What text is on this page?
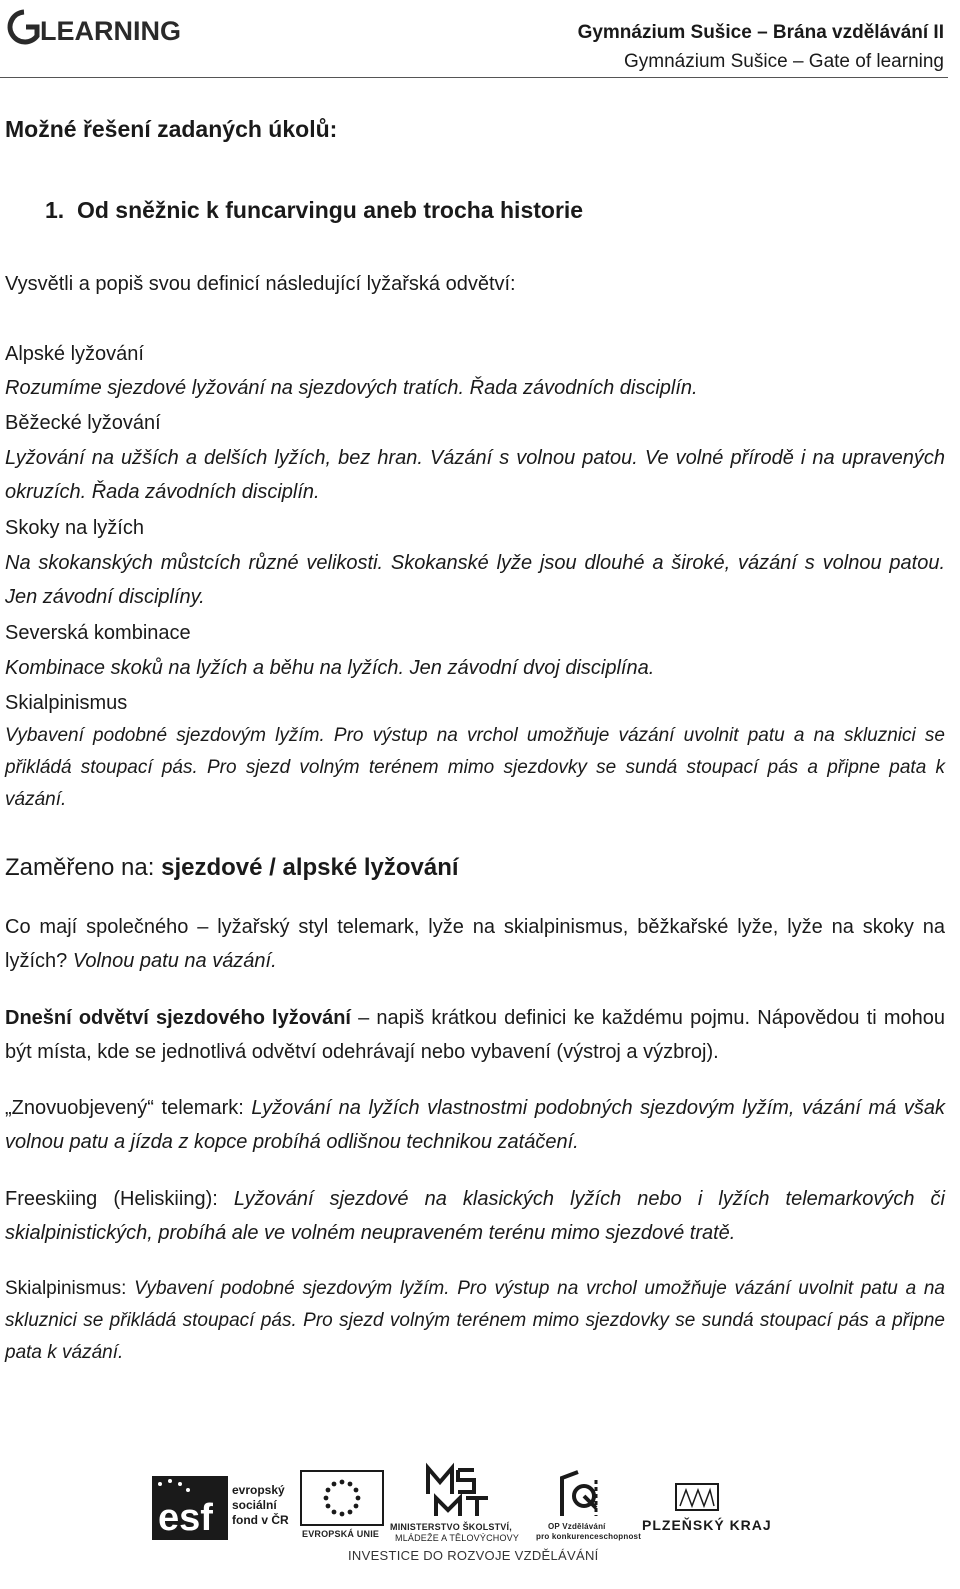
LEARNING	Gymnázium Sušice – Brána vzdělávání II
Gymnázium Sušice – Gate of learning
Možné řešení zadaných úkolů:
1. Od sněžnic k funcarvingu aneb trocha historie
Vysvětli a popiš svou definicí následující lyžařská odvětví:
Alpské lyžování
Rozumíme sjezdové lyžování na sjezdových tratích. Řada závodních disciplín.
Běžecké lyžování
Lyžování na užších a delších lyžích, bez hran. Vázání s volnou patou. Ve volné přírodě i na upravených okruzích. Řada závodních disciplín.
Skoky na lyžích
Na skokanských můstcích různé velikosti. Skokanské lyže jsou dlouhé a široké, vázání s volnou patou. Jen závodní disciplíny.
Severská kombinace
Kombinace skoků na lyžích a běhu na lyžích. Jen závodní dvoj disciplína.
Skialpinismus
Vybavení podobné sjezdovým lyžím. Pro výstup na vrchol umožňuje vázání uvolnit patu a na skluznici se přikládá stoupací pás. Pro sjezd volným terénem mimo sjezdovky se sundá stoupací pás a připne pata k vázání.
Zaměřeno na: sjezdové / alpské lyžování
Co mají společného – lyžařský styl telemark, lyže na skialpinismus, běžkařské lyže, lyže na skoky na lyžích? Volnou patu na vázání.
Dnešní odvětví sjezdového lyžování – napiš krátkou definici ke každému pojmu. Nápovědou ti mohou být místa, kde se jednotlivá odvětví odehrávají nebo vybavení (výstroj a výzbroj).
„Znovuobjevený“ telemark: Lyžování na lyžích vlastnostmi podobných sjezdovým lyžím, vázání má však volnou patu a jízda z kopce probíhá odlišnou technikou zatáčení.
Freeskiing (Heliskiing): Lyžování sjezdové na klasických lyžích nebo i lyžích telemarkových či skialpinistických, probíhá ale ve volném neupraveném terénu mimo sjezdové tratě.
Skialpinismus: Vybavení podobné sjezdovým lyžím. Pro výstup na vrchol umožňuje vázání uvolnit patu a na skluznici se přikládá stoupací pás. Pro sjezd volným terénem mimo sjezdovky se sundá stoupací pás a připne pata k vázání.
esf
evropský
sociální
fond v ČR
EVROPSKÁ UNIE
MINISTERSTVO ŠKOLSTVÍ,
MLÁDEŽE A TĚLOVÝCHOVY
OP Vzdělávání
pro konkurenceschopnost
PLZEŇSKÝ KRAJ
INVESTICE DO ROZVOJE VZDĚLÁVÁNÍ
